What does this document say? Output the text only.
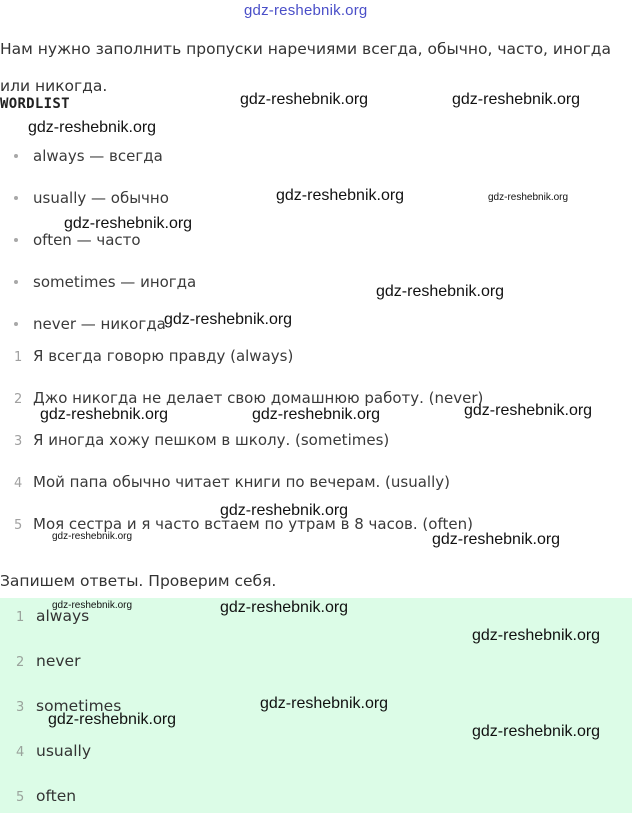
gdz-reshebnik.org
Нам нужно заполнить пропуски наречиями всегда, обычно, часто, иногда или никогда.
WORDLIST
always — всегда
usually — обычно
often — часто
sometimes — иногда
never — никогда
1 Я всегда говорю правду (always)
2 Джо никогда не делает свою домашнюю работу. (never)
3 Я иногда хожу пешком в школу. (sometimes)
4 Мой папа обычно читает книги по вечерам. (usually)
5 Моя сестра и я часто встаем по утрам в 8 часов. (often)
Запишем ответы. Проверим себя.
1 always
2 never
3 sometimes
4 usually
5 often
gdz-reshebnik.org	gdz-reshebnik.org
gdz-reshebnik.org
gdz-reshebnik.org	gdz-reshebnik.org
gdz-reshebnik.org
gdz-reshebnik.org
gdz-reshebnik.org
gdz-reshebnik.org	gdz-reshebnik.org	gdz-reshebnik.org
gdz-reshebnik.org
gdz-reshebnik.org	gdz-reshebnik.org
gdz-reshebnik.org	gdz-reshebnik.org
gdz-reshebnik.org
gdz-reshebnik.org
gdz-reshebnik.org
gdz-reshebnik.org
